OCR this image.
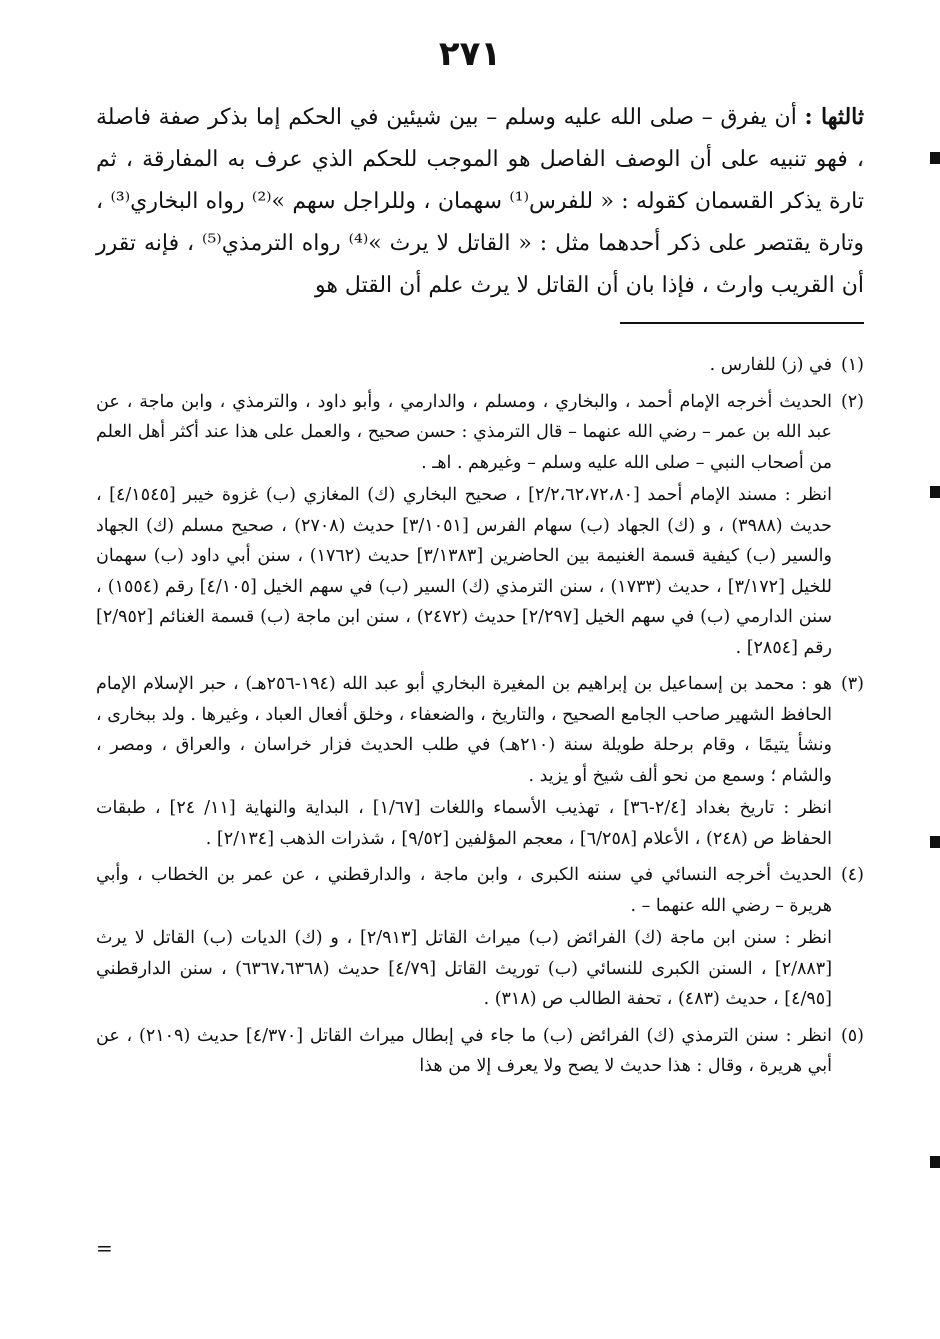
٢٧١

ثالثها : أن يفرق – صلى الله عليه وسلم – بين شيئين في الحكم إما بذكر صفة فاصلة ، فهو تنبيه على أن الوصف الفاصل هو الموجب للحكم الذي عرف به المفارقة ، ثم تارة يذكر القسمان كقوله : « للفرس⁽¹⁾ سهمان ، وللراجل سهم »⁽²⁾ رواه البخاري⁽³⁾ ، وتارة يقتصر على ذكر أحدهما مثل : « القاتل لا يرث »⁽⁴⁾ رواه الترمذي⁽⁵⁾ ، فإنه تقرر أن القريب وارث ، فإذا بان أن القاتل لا يرث علم أن القتل هو

(١)
في (ز) للفارس .
(٢)
الحديث أخرجه الإمام أحمد ، والبخاري ، ومسلم ، والدارمي ، وأبو داود ، والترمذي ، وابن ماجة ، عن عبد الله بن عمر – رضي الله عنهما – قال الترمذي : حسن صحيح ، والعمل على هذا عند أكثر أهل العلم من أصحاب النبي – صلى الله عليه وسلم – وغيرهم . اهـ .
انظر : مسند الإمام أحمد [٢/٢،٦٢،٧٢،٨٠] ، صحيح البخاري (ك) المغازي (ب) غزوة خيبر [٤/١٥٤٥] ، حديث (٣٩٨٨) ، و (ك) الجهاد (ب) سهام الفرس [٣/١٠٥١] حديث (٢٧٠٨) ، صحيح مسلم (ك) الجهاد والسير (ب) كيفية قسمة الغنيمة بين الحاضرين [٣/١٣٨٣] حديث (١٧٦٢) ، سنن أبي داود (ب) سهمان للخيل [٣/١٧٢] ، حديث (١٧٣٣) ، سنن الترمذي (ك) السير (ب) في سهم الخيل [٤/١٠٥] رقم (١٥٥٤) ، سنن الدارمي (ب) في سهم الخيل [٢/٢٩٧] حديث (٢٤٧٢) ، سنن ابن ماجة (ب) قسمة الغنائم [٢/٩٥٢] رقم [٢٨٥٤] .
(٣)
هو : محمد بن إسماعيل بن إبراهيم بن المغيرة البخاري أبو عبد الله (١٩٤-٢٥٦هـ) ، حبر الإسلام الإمام الحافظ الشهير صاحب الجامع الصحيح ، والتاريخ ، والضعفاء ، وخلق أفعال العباد ، وغيرها . ولد ببخارى ، ونشأ يتيمًا ، وقام برحلة طويلة سنة (٢١٠هـ) في طلب الحديث فزار خراسان ، والعراق ، ومصر ، والشام ؛ وسمع من نحو ألف شيخ أو يزيد .
انظر : تاريخ بغداد [٢/٤-٣٦] ، تهذيب الأسماء واللغات [١/٦٧] ، البداية والنهاية [١١/ ٢٤] ، طبقات الحفاظ ص (٢٤٨) ، الأعلام [٦/٢٥٨] ، معجم المؤلفين [٩/٥٢] ، شذرات الذهب [٢/١٣٤] .
(٤)
الحديث أخرجه النسائي في سننه الكبرى ، وابن ماجة ، والدارقطني ، عن عمر بن الخطاب ، وأبي هريرة – رضي الله عنهما – .
انظر : سنن ابن ماجة (ك) الفرائض (ب) ميراث القاتل [٢/٩١٣] ، و (ك) الديات (ب) القاتل لا يرث [٢/٨٨٣] ، السنن الكبرى للنسائي (ب) توريث القاتل [٤/٧٩] حديث (٦٣٦٧،٦٣٦٨) ، سنن الدارقطني [٤/٩٥] ، حديث (٤٨٣) ، تحفة الطالب ص (٣١٨) .
(٥)
انظر : سنن الترمذي (ك) الفرائض (ب) ما جاء في إبطال ميراث القاتل [٤/٣٧٠] حديث (٢١٠٩) ، عن أبي هريرة ، وقال : هذا حديث لا يصح ولا يعرف إلا من هذا
=
